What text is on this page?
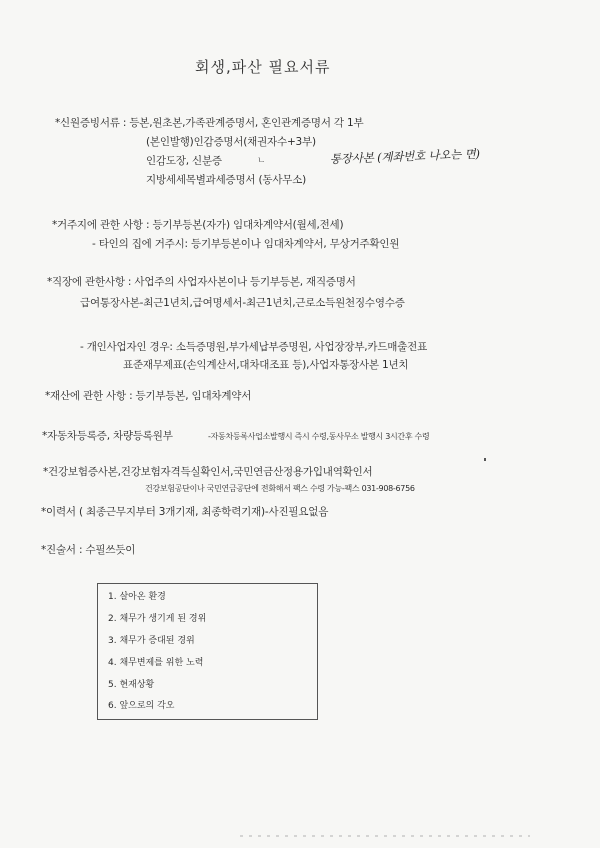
회생,파산 필요서류
*신원증빙서류 : 등본,원초본,가족관계증명서, 혼인관계증명서 각 1부
(본인발행)인감증명서(채권자수+3부)
인감도장, 신분증	ㄴ	통장사본 (계좌번호 나오는 면)
지방세세목별과세증명서 (동사무소)
*거주지에 관한 사항 : 등기부등본(자가) 임대차계약서(월세,전세)
- 타인의 집에 거주시: 등기부등본이나 임대차계약서, 무상거주확인원
*직장에 관한사항 : 사업주의 사업자사본이나 등기부등본, 재직증명서
급여통장사본-최근1년치,급여명세서-최근1년치,근로소득원천징수영수증
- 개인사업자인 경우: 소득증명원,부가세납부증명원, 사업장장부,카드매출전표
표준재무제표(손익계산서,대차대조표 등),사업자통장사본 1년치
*재산에 관한 사항 : 등기부등본, 임대차계약서
*자동차등록증, 차량등록원부	-자동차등록사업소발행시 즉시 수령,동사무소 발행시 3시간후 수령
*건강보험증사본,건강보험자격득실확인서,국민연금산정용가입내역확인서
건강보험공단이나 국민연금공단에 전화해서 팩스 수령 가능-팩스 031-908-6756
*이력서 ( 최종근무지부터 3개기재, 최종학력기재)-사진필요없음
*진술서 : 수필쓰듯이
1. 살아온 환경
2. 채무가 생기게 된 경위
3. 채무가 증대된 경위
4. 채무변제를 위한 노력
5. 현재상황
6. 앞으로의 각오
